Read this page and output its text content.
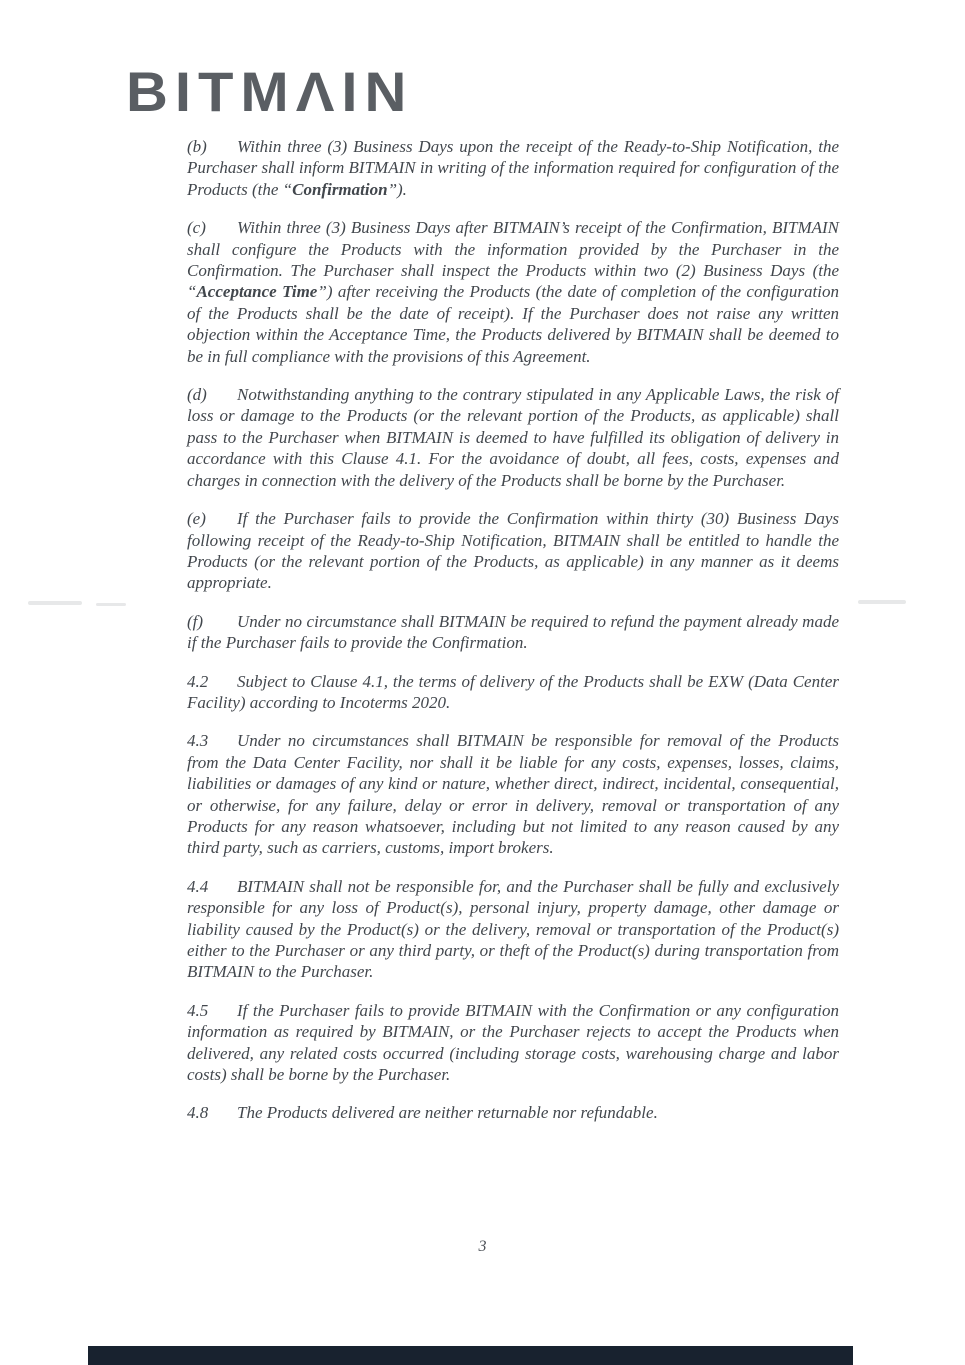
BITMΛIN

(b) Within three (3) Business Days upon the receipt of the Ready-to-Ship Notification, the Purchaser shall inform BITMAIN in writing of the information required for configuration of the Products (the “Confirmation”).

(c) Within three (3) Business Days after BITMAIN’s receipt of the Confirmation, BITMAIN shall configure the Products with the information provided by the Purchaser in the Confirmation. The Purchaser shall inspect the Products within two (2) Business Days (the “Acceptance Time”) after receiving the Products (the date of completion of the configuration of the Products shall be the date of receipt). If the Purchaser does not raise any written objection within the Acceptance Time, the Products delivered by BITMAIN shall be deemed to be in full compliance with the provisions of this Agreement.

(d) Notwithstanding anything to the contrary stipulated in any Applicable Laws, the risk of loss or damage to the Products (or the relevant portion of the Products, as applicable) shall pass to the Purchaser when BITMAIN is deemed to have fulfilled its obligation of delivery in accordance with this Clause 4.1. For the avoidance of doubt, all fees, costs, expenses and charges in connection with the delivery of the Products shall be borne by the Purchaser.

(e) If the Purchaser fails to provide the Confirmation within thirty (30) Business Days following receipt of the Ready-to-Ship Notification, BITMAIN shall be entitled to handle the Products (or the relevant portion of the Products, as applicable) in any manner as it deems appropriate.

(f) Under no circumstance shall BITMAIN be required to refund the payment already made if the Purchaser fails to provide the Confirmation.

4.2 Subject to Clause 4.1, the terms of delivery of the Products shall be EXW (Data Center Facility) according to Incoterms 2020.

4.3 Under no circumstances shall BITMAIN be responsible for removal of the Products from the Data Center Facility, nor shall it be liable for any costs, expenses, losses, claims, liabilities or damages of any kind or nature, whether direct, indirect, incidental, consequential, or otherwise, for any failure, delay or error in delivery, removal or transportation of any Products for any reason whatsoever, including but not limited to any reason caused by any third party, such as carriers, customs, import brokers.

4.4 BITMAIN shall not be responsible for, and the Purchaser shall be fully and exclusively responsible for any loss of Product(s), personal injury, property damage, other damage or liability caused by the Product(s) or the delivery, removal or transportation of the Product(s) either to the Purchaser or any third party, or theft of the Product(s) during transportation from BITMAIN to the Purchaser.

4.5 If the Purchaser fails to provide BITMAIN with the Confirmation or any configuration information as required by BITMAIN, or the Purchaser rejects to accept the Products when delivered, any related costs occurred (including storage costs, warehousing charge and labor costs) shall be borne by the Purchaser.

4.8 The Products delivered are neither returnable nor refundable.

3
